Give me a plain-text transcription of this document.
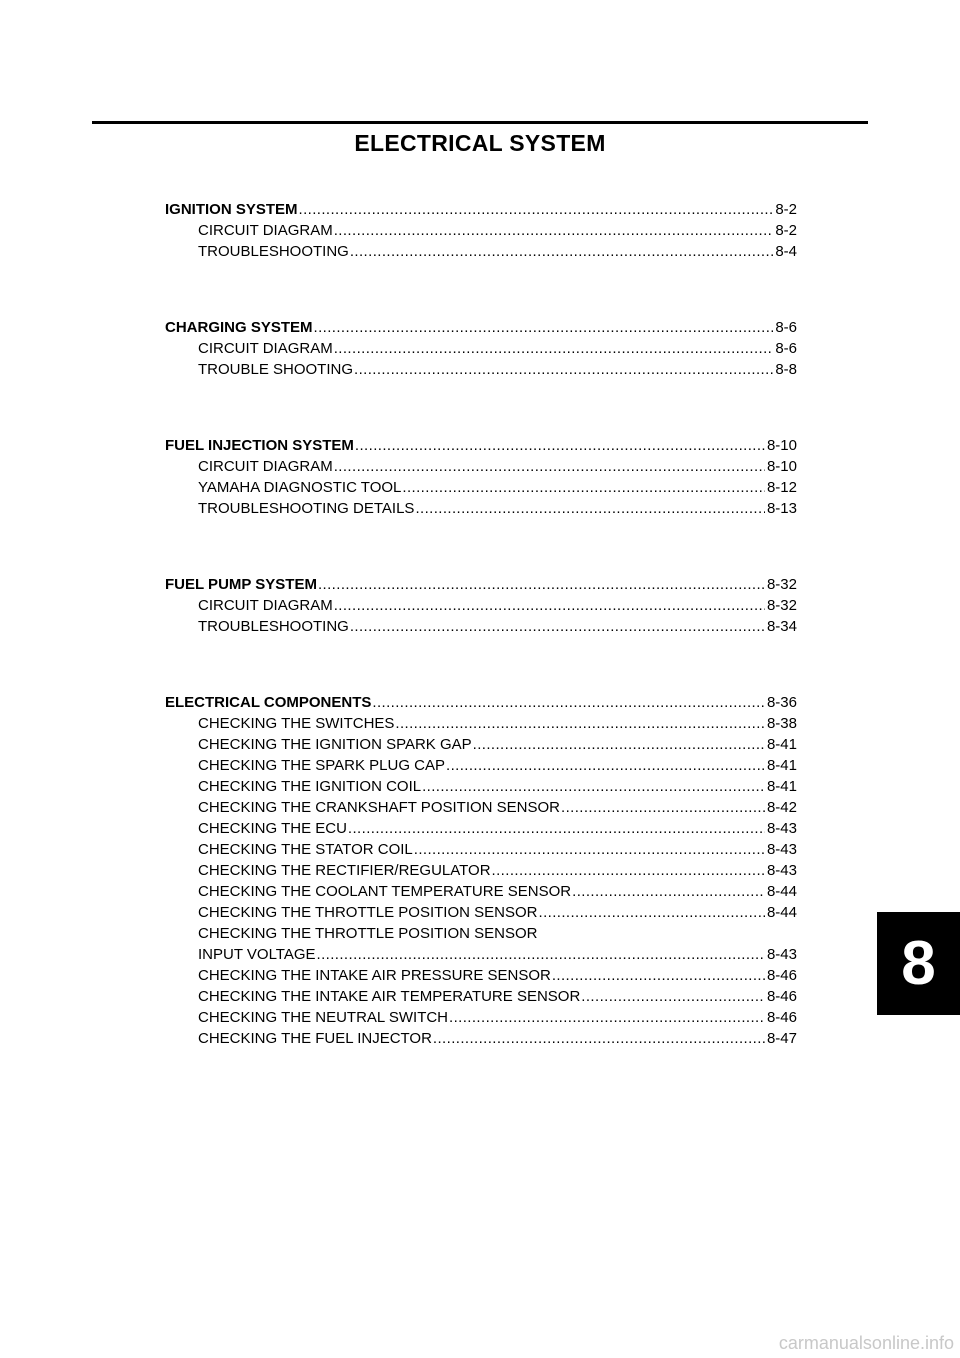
ELECTRICAL SYSTEM
IGNITION SYSTEM .....	8-2
CIRCUIT DIAGRAM .....	8-2
TROUBLESHOOTING .....	8-4
CHARGING SYSTEM .....	8-6
CIRCUIT DIAGRAM .....	8-6
TROUBLE SHOOTING .....	8-8
FUEL INJECTION SYSTEM .....	8-10
CIRCUIT DIAGRAM .....	8-10
YAMAHA DIAGNOSTIC TOOL .....	8-12
TROUBLESHOOTING DETAILS .....	8-13
FUEL PUMP SYSTEM .....	8-32
CIRCUIT DIAGRAM .....	8-32
TROUBLESHOOTING .....	8-34
ELECTRICAL COMPONENTS .....	8-36
CHECKING THE SWITCHES .....	8-38
CHECKING THE IGNITION SPARK GAP .....	8-41
CHECKING THE SPARK PLUG CAP .....	8-41
CHECKING THE IGNITION COIL .....	8-41
CHECKING THE CRANKSHAFT POSITION SENSOR .....	8-42
CHECKING THE ECU .....	8-43
CHECKING THE STATOR COIL .....	8-43
CHECKING THE RECTIFIER/REGULATOR .....	8-43
CHECKING THE COOLANT TEMPERATURE SENSOR .....	8-44
CHECKING THE THROTTLE POSITION SENSOR .....	8-44
CHECKING THE THROTTLE POSITION SENSOR
INPUT VOLTAGE .....	8-43
CHECKING THE INTAKE AIR PRESSURE SENSOR .....	8-46
CHECKING THE INTAKE AIR TEMPERATURE SENSOR .....	8-46
CHECKING THE NEUTRAL SWITCH .....	8-46
CHECKING THE FUEL INJECTOR .....	8-47
8
carmanualsonline.info
